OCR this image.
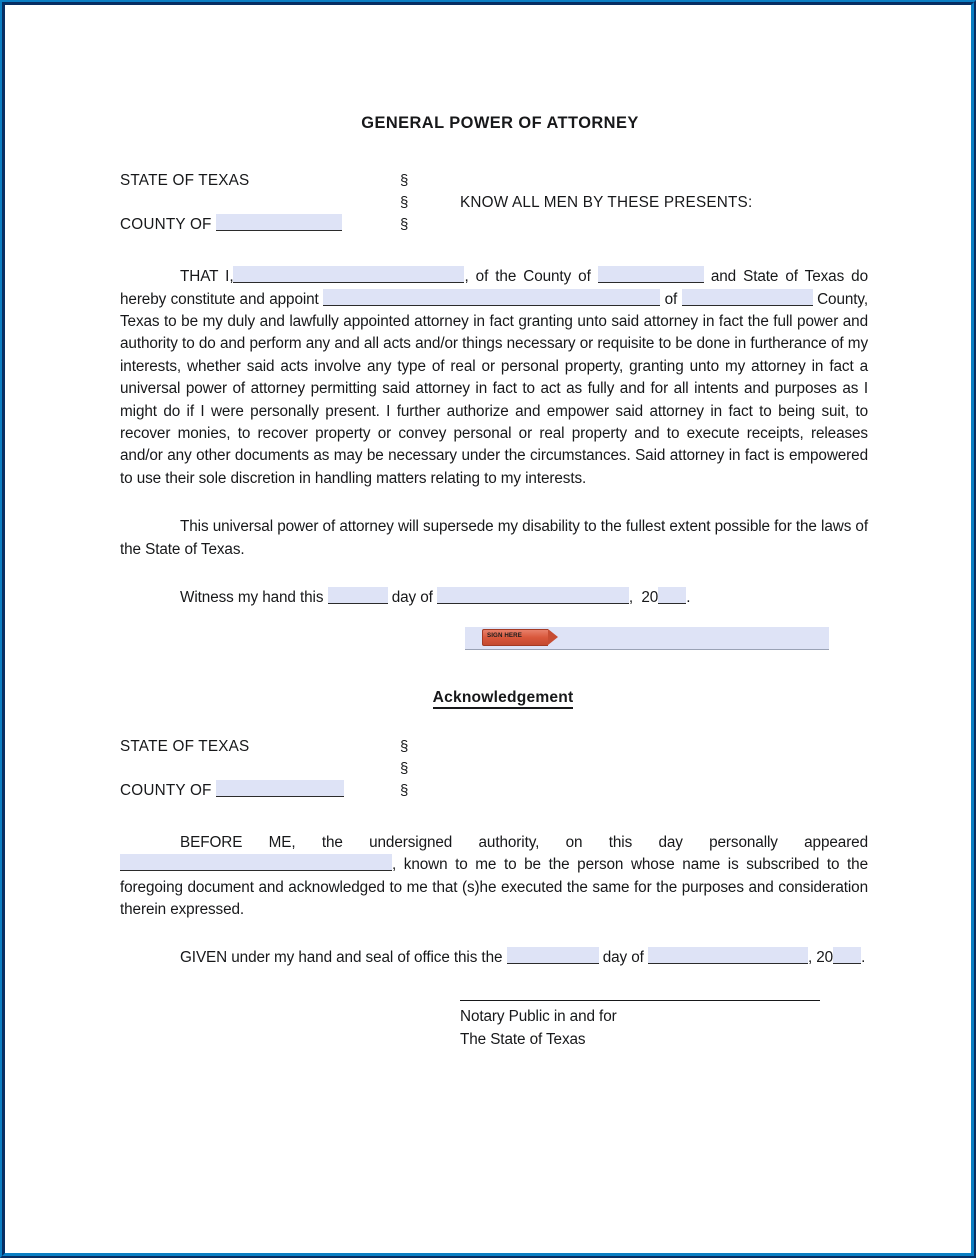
GENERAL POWER OF ATTORNEY
STATE OF TEXAS	§

§	KNOW ALL MEN BY THESE PRESENTS:
COUNTY OF	§

THAT I,	, of the County of	and State of Texas do hereby constitute and appoint	of	County, Texas to be my duly and lawfully appointed attorney in fact granting unto said attorney in fact the full power and authority to do and perform any and all acts and/or things necessary or requisite to be done in furtherance of my interests, whether said acts involve any type of real or personal property, granting unto my attorney in fact a universal power of attorney permitting said attorney in fact to act as fully and for all intents and purposes as I might do if I were personally present. I further authorize and empower said attorney in fact to being suit, to recover monies, to recover property or convey personal or real property and to execute receipts, releases and/or any other documents as may be necessary under the circumstances. Said attorney in fact is empowered to use their sole discretion in handling matters relating to my interests.

This universal power of attorney will supersede my disability to the fullest extent possible for the laws of the State of Texas.

Witness my hand this	day of	,  20 .
SIGN HERE
Acknowledgement
STATE OF TEXAS	§

§
COUNTY OF	§

BEFORE ME, the undersigned authority, on this day personally appeared , known to me to be the person whose name is subscribed to the foregoing document and acknowledged to me that (s)he executed the same for the purposes and consideration therein expressed.

GIVEN under my hand and seal of office this the	day of	, 20 .

Notary Public in and for
The State of Texas
